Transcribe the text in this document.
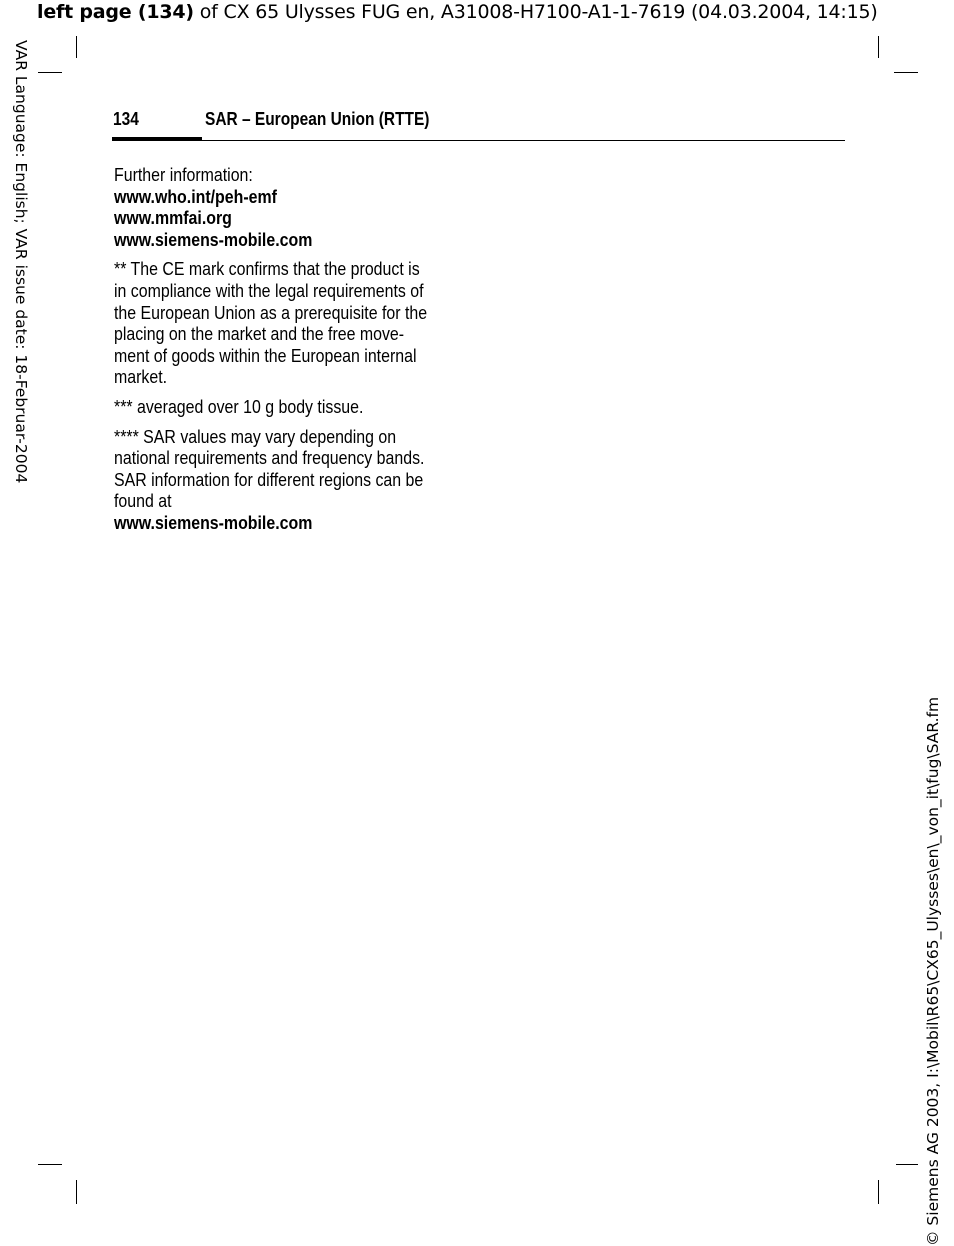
left page (134) of CX 65 Ulysses FUG en, A31008-H7100-A1-1-7619 (04.03.2004, 14:15)
VAR Language: English; VAR issue date: 18-Februar-2004
© Siemens AG 2003, I:\Mobil\R65\CX65_Ulysses\en\_von_it\fug\SAR.fm
134	SAR – European Union (RTTE)

Further information:
www.who.int/peh-emf
www.mmfai.org
www.siemens-mobile.com

** The CE mark confirms that the product is
in compliance with the legal requirements of
the European Union as a prerequisite for the
placing on the market and the free move-
ment of goods within the European internal
market.

*** averaged over 10 g body tissue.

**** SAR values may vary depending on
national requirements and frequency bands.
SAR information for different regions can be
found at
www.siemens-mobile.com
